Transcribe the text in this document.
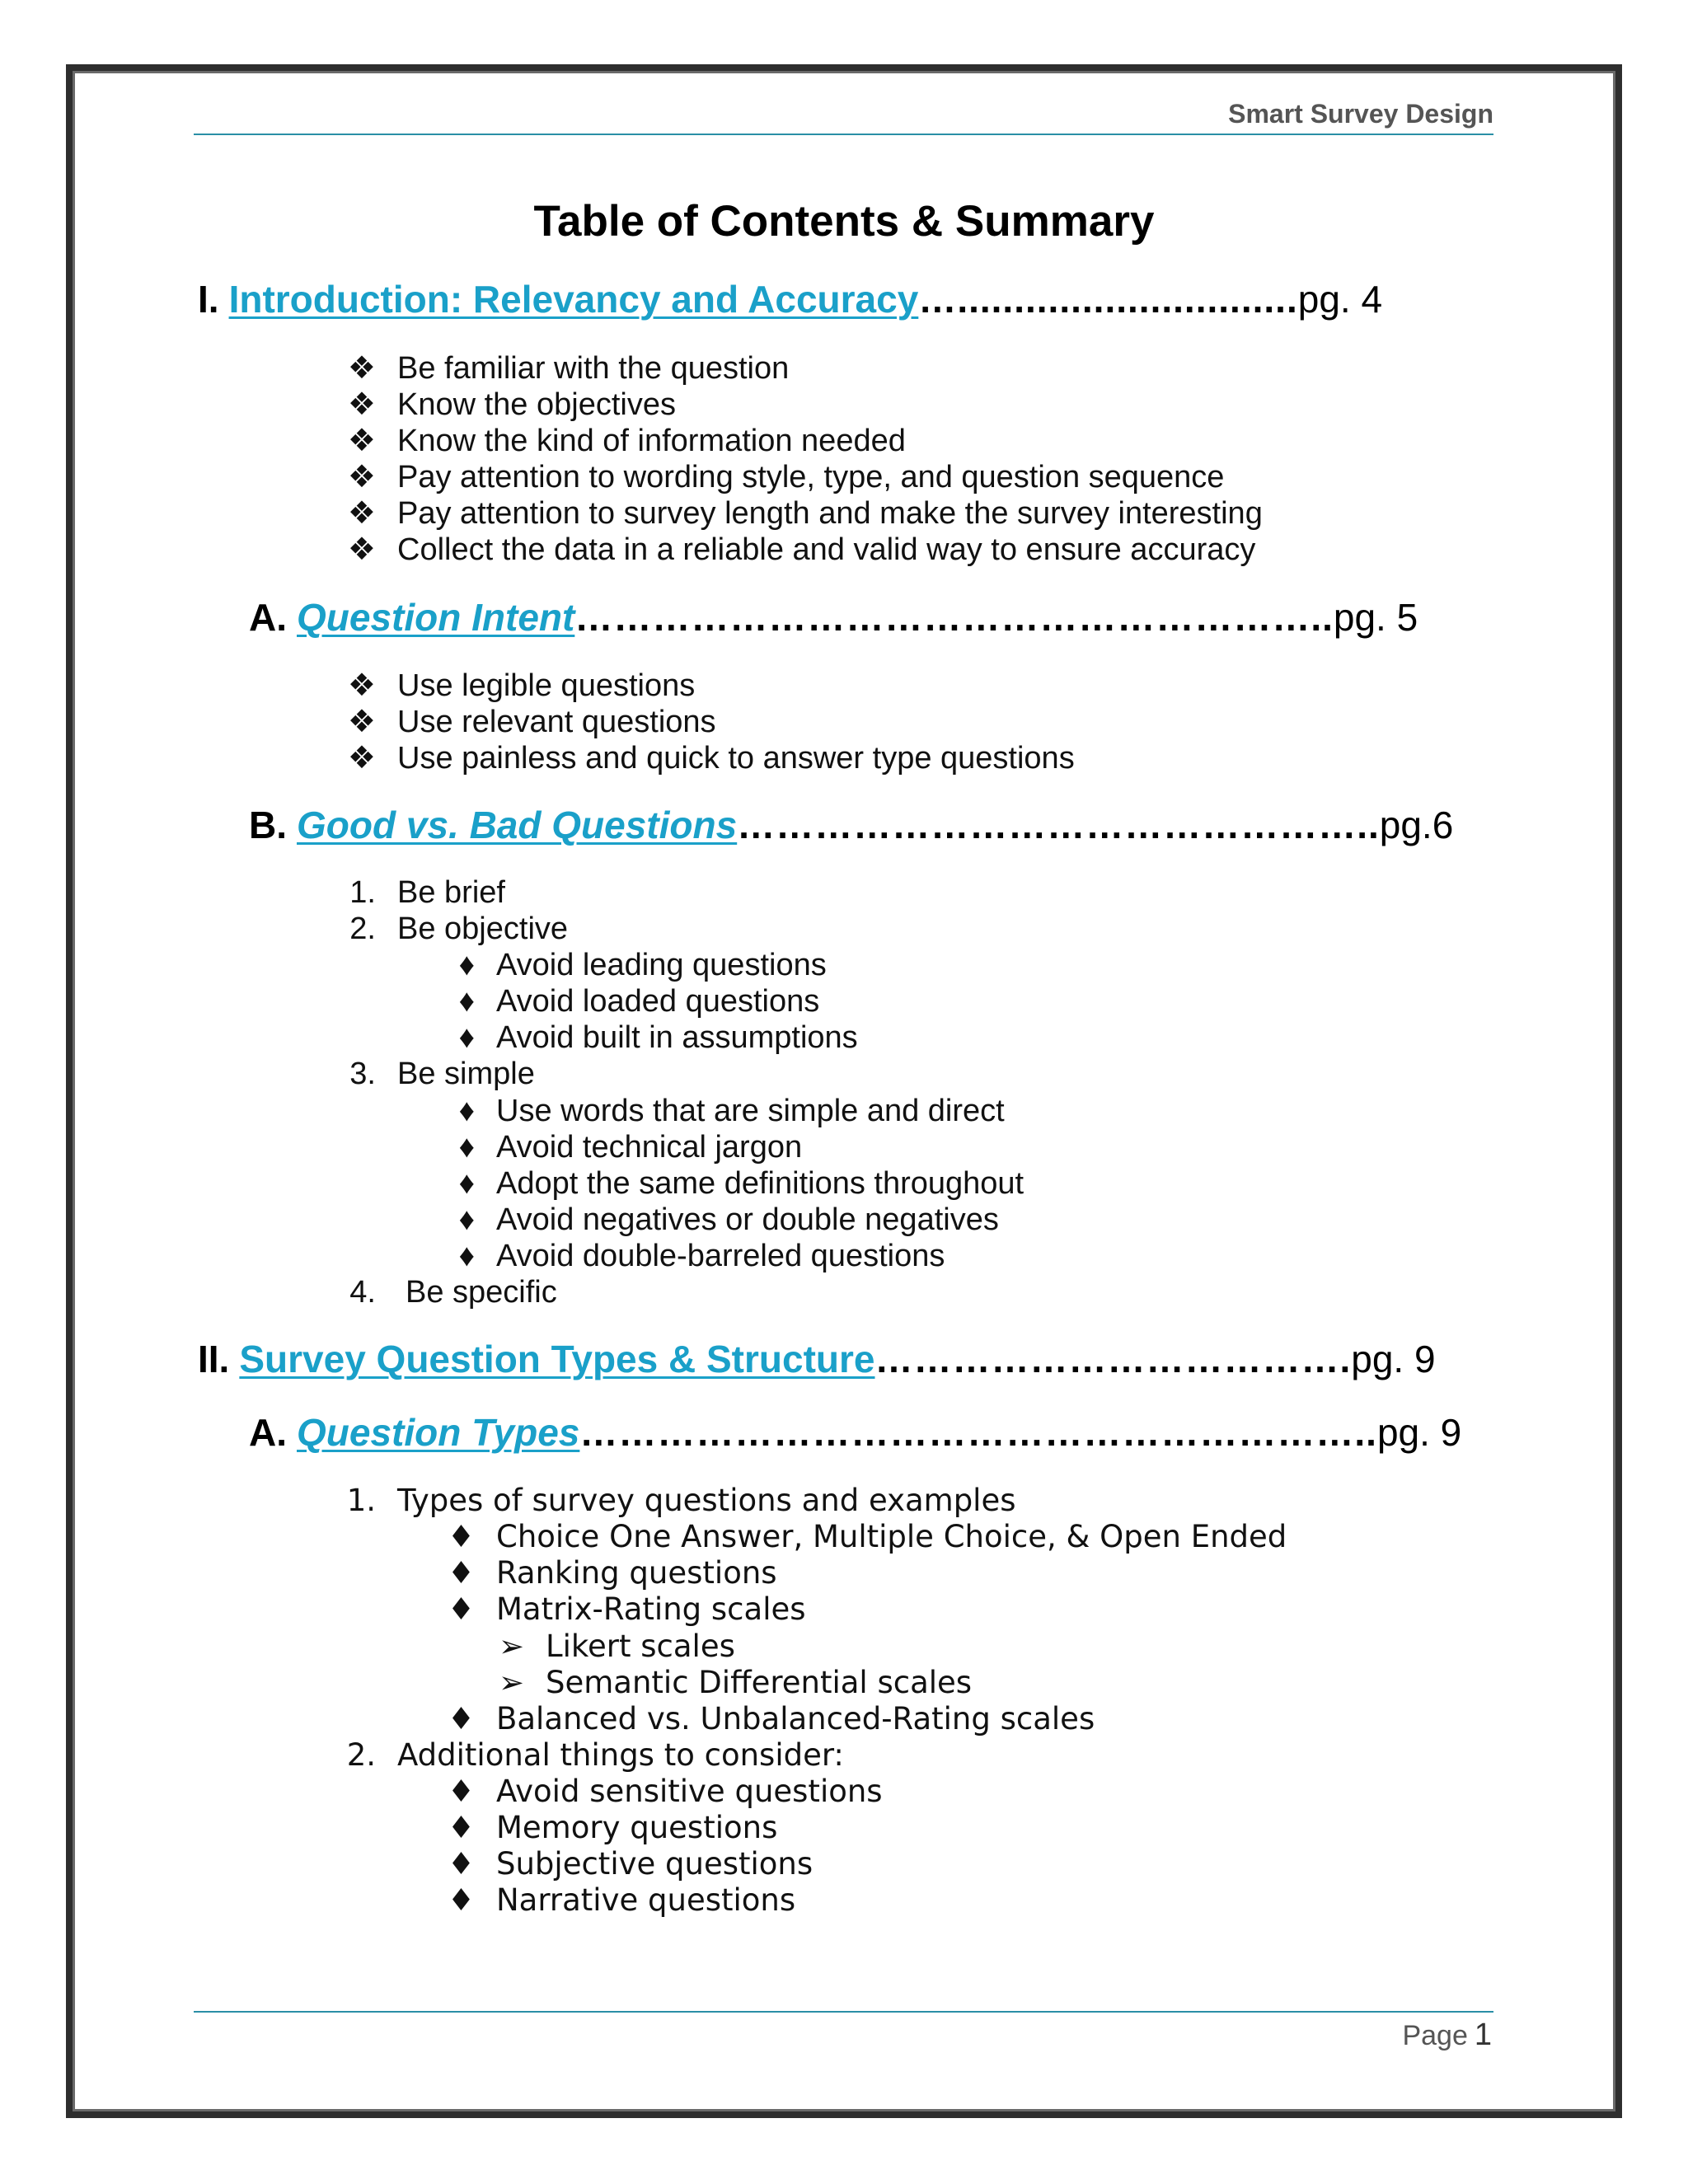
Smart Survey Design
Table of Contents & Summary
I. Introduction: Relevancy and Accuracy ….............................. pg. 4
❖ Be familiar with the question
❖ Know the objectives
❖ Know the kind of information needed
❖ Pay attention to wording style, type, and question sequence
❖ Pay attention to survey length and make the survey interesting
❖ Collect the data in a reliable and valid way to ensure accuracy
A. Question Intent ………………………………………………….. pg. 5
❖ Use legible questions
❖ Use relevant questions
❖ Use painless and quick to answer type questions
B. Good vs. Bad Questions ………………………………………….. pg.6
1. Be brief
2. Be objective
♦ Avoid leading questions
♦ Avoid loaded questions
♦ Avoid built in assumptions
3. Be simple
♦ Use words that are simple and direct
♦ Avoid technical jargon
♦ Adopt the same definitions throughout
♦ Avoid negatives or double negatives
♦ Avoid double-barreled questions
4. Be specific
II. Survey Question Types & Structure ………………………………. pg. 9
A. Question Types …………………………………………………….. pg. 9
1. Types of survey questions and examples
♦ Choice One Answer, Multiple Choice, & Open Ended
♦ Ranking questions
♦ Matrix-Rating scales
➢ Likert scales
➢ Semantic Differential scales
♦ Balanced vs. Unbalanced-Rating scales
2. Additional things to consider:
♦ Avoid sensitive questions
♦ Memory questions
♦ Subjective questions
♦ Narrative questions
Page 1
